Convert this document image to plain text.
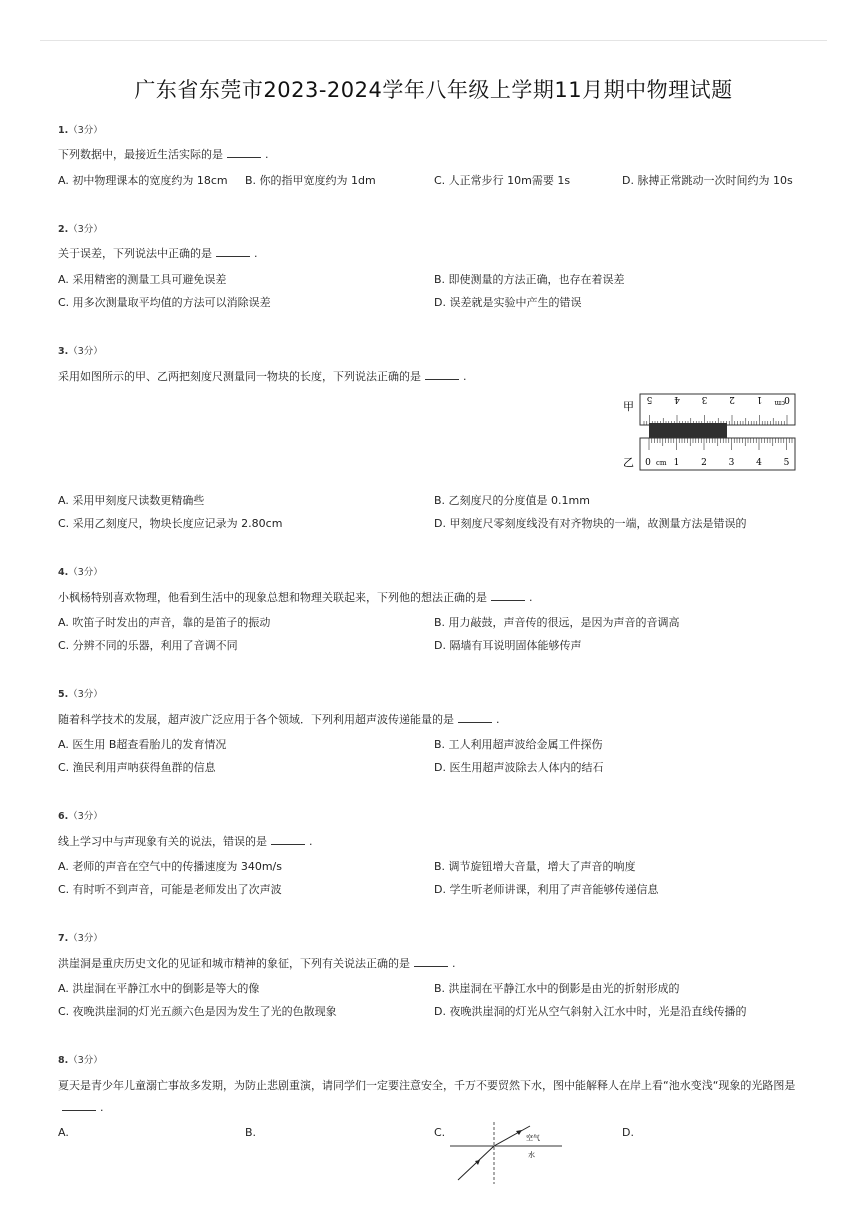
广东省东莞市2023-2024学年八年级上学期11月期中物理试题
1.（3分）
下列数据中，最接近生活实际的是	.
A. 初中物理课本的宽度约为 18cm B. 你的指甲宽度约为 1dm	C. 人正常步行 10m需要 1s	D. 脉搏正常跳动一次时间约为 10s
2.（3分）
关于误差，下列说法中正确的是	.
A. 采用精密的测量工具可避免误差	B. 即使测量的方法正确，也存在着误差
C. 用多次测量取平均值的方法可以消除误差	D. 误差就是实验中产生的错误
3.（3分）
采用如图所示的甲、乙两把刻度尺测量同一物块的长度，下列说法正确的是	.
甲
5 4 3 2 1 0
0	1 2 3 4 5
乙	cm
cm
A. 采用甲刻度尺读数更精确些	B. 乙刻度尺的分度值是 0.1mm
C. 采用乙刻度尺，物块长度应记录为 2.80cm	D. 甲刻度尺零刻度线没有对齐物块的一端，故测量方法是错误的
4.（3分）
小枫杨特别喜欢物理，他看到生活中的现象总想和物理关联起来，下列他的想法正确的是	.
A. 吹笛子时发出的声音，靠的是笛子的振动	B. 用力敲鼓，声音传的很远，是因为声音的音调高
C. 分辨不同的乐器，利用了音调不同	D. 隔墙有耳说明固体能够传声
5.（3分）
随着科学技术的发展，超声波广泛应用于各个领域．下列利用超声波传递能量的是	.
A. 医生用 B超查看胎儿的发育情况	B. 工人利用超声波给金属工件探伤
C. 渔民利用声呐获得鱼群的信息	D. 医生用超声波除去人体内的结石
6.（3分）
线上学习中与声现象有关的说法，错误的是	.
A. 老师的声音在空气中的传播速度为 340m/s	B. 调节旋钮增大音量，增大了声音的响度
C. 有时听不到声音，可能是老师发出了次声波	D. 学生听老师讲课，利用了声音能够传递信息
7.（3分）
洪崖洞是重庆历史文化的见证和城市精神的象征，下列有关说法正确的是	.
A. 洪崖洞在平静江水中的倒影是等大的像	B. 洪崖洞在平静江水中的倒影是由光的折射形成的
C. 夜晚洪崖洞的灯光五颜六色是因为发生了光的色散现象	D. 夜晚洪崖洞的灯光从空气斜射入江水中时，光是沿直线传播的
8.（3分）
夏天是青少年儿童溺亡事故多发期，为防止悲剧重演，请同学们一定要注意安全，千万不要贸然下水，图中能解释人在岸上看“池水变浅“现象的光路图是.
A.	B.	C.	D.
空气
水
